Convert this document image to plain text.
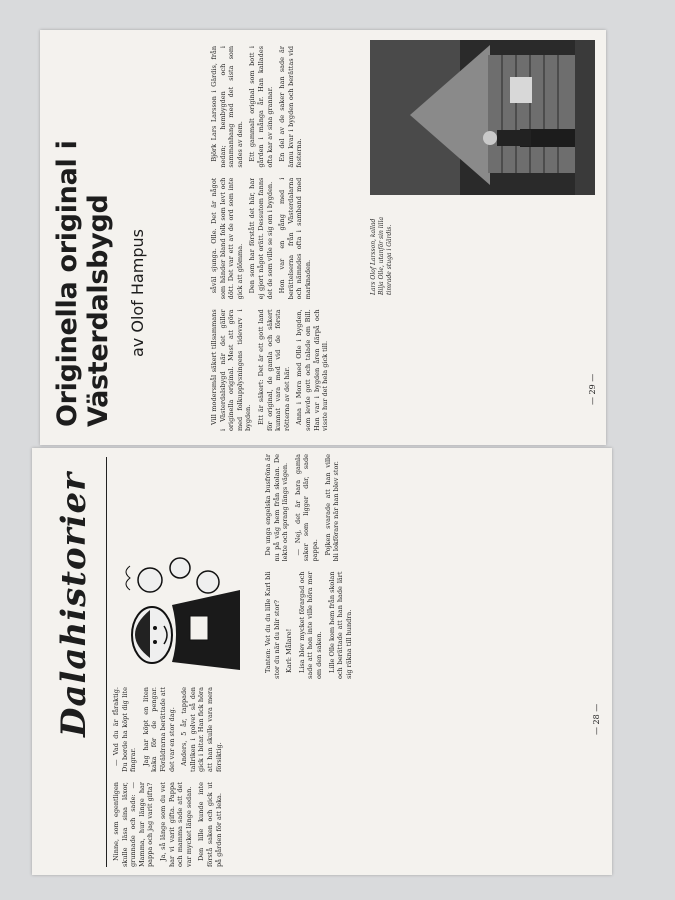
Originella original i Västerdalsbygd av Olof Hampus

Vill modersmål säkert tillsammans i Västerdalsbygd när det gäller originella original. Mest att göra med folkupplysningens tidevarv i bygden. Ett är säkert: Det är ett gott land för original, de gamla och säkert kunnat vara med vid de första rötterna av det här. Anna i Mora med Olle i bygden, som levde gott och talade om Bill. Han var i bygden åren därpå och visste hur det hela gick till.

såväl sjunga. Olle. Det är något som händer bland folk som levt och dött. Det var ett av de ord som inte gick att glömma. Den som har förstått det här, har ej gjort något orätt. Dessutom fanns det de som ville se sig om i bygden. Hon var en gång med i berättelserna från Västerdalarna och nämndes ofta i samband med marknaden.

Björk Lars Larsson i Gärdis, från nedan; hembygden och i sammanhang med det sista som sades av dem. Ett gammalt original som bott i gården i många år. Han kallades ofta kar av sina grannar. En del av de saker han sade är ännu kvar i bygden och berättas vid festerna.

Lars Olof Larsson, kallad Bilja Olle, utanför sin lilla timrade stuga i Gärdis.
— 29 —
Dalahistorier

Ninne, som egentligen skulle läsa sina läxor, grunnade och sade: — Mamma, hur länge har pappa och jag varit gifta? Ja, så länge som du vet har vi varit gifta. Pappa och mamma sade att det var mycket länge sedan. Den lille kunde inte förstå saken och gick ut på gården för att leka.

— Vad du är fåraktig. Du borde ha köpt dig lite fingrar. Jag har köpt en liten kaka för de pengar. Föräldrarna berättade att det var en stor dag. Anders, 5 år, tappade tallriken i golvet så den gick i bitar. Han fick höra att han skulle vara mera försiktig.

Tanten: Vet du du lille Karl bli stor du när du blir stor? Karl: Målare! Lisa blev mycket förargad och sade att hon inte ville höra mer om den saken. Lille Olle kom hem från skolan och berättade att han hade lärt sig räkna till hundra.

De unga engelska busfröna är nu på väg hem från skolan. De lekte och sprang längs vägen. — Nej, det är bara gamla saker som ligger där, sade pappa. Pojken svarade att han ville bli lokförare när han blev stor.

— 28 —
